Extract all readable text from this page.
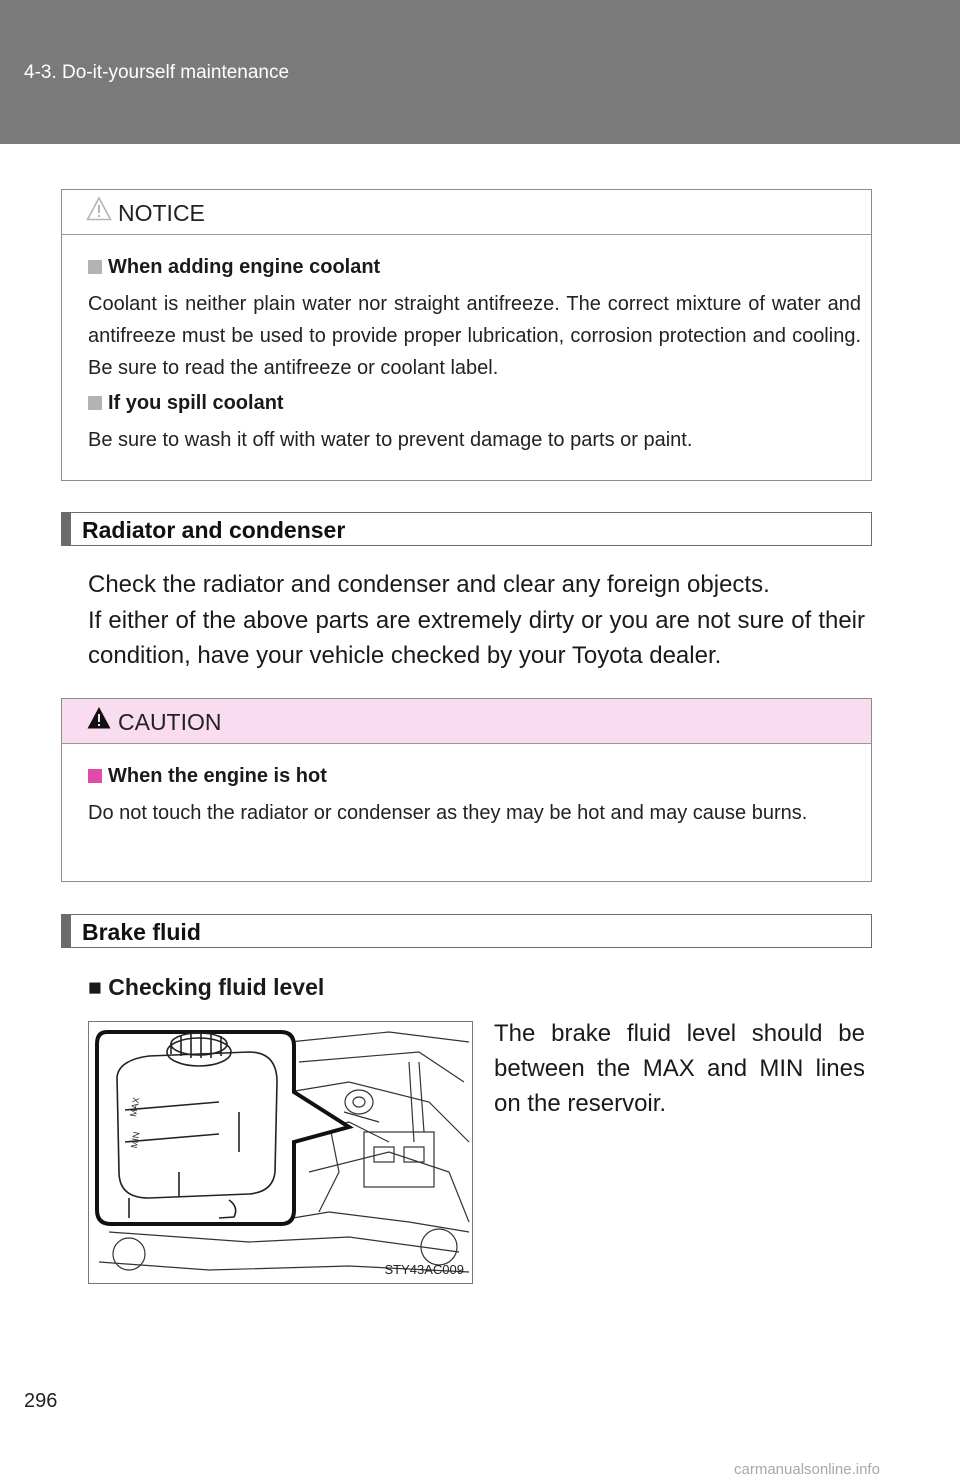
4-3. Do-it-yourself maintenance
NOTICE
When adding engine coolant
Coolant is neither plain water nor straight antifreeze. The correct mixture of water and antifreeze must be used to provide proper lubrication, corrosion protection and cooling. Be sure to read the antifreeze or coolant label.
If you spill coolant
Be sure to wash it off with water to prevent damage to parts or paint.
Radiator and condenser
Check the radiator and condenser and clear any foreign objects.
If either of the above parts are extremely dirty or you are not sure of their condition, have your vehicle checked by your Toyota dealer.
CAUTION
When the engine is hot
Do not touch the radiator or condenser as they may be hot and may cause burns.
Brake fluid
■ Checking fluid level
MAX
MIN
STY43AC009
The brake fluid level should be between the MAX and MIN lines on the reservoir.
296
carmanualsonline.info
